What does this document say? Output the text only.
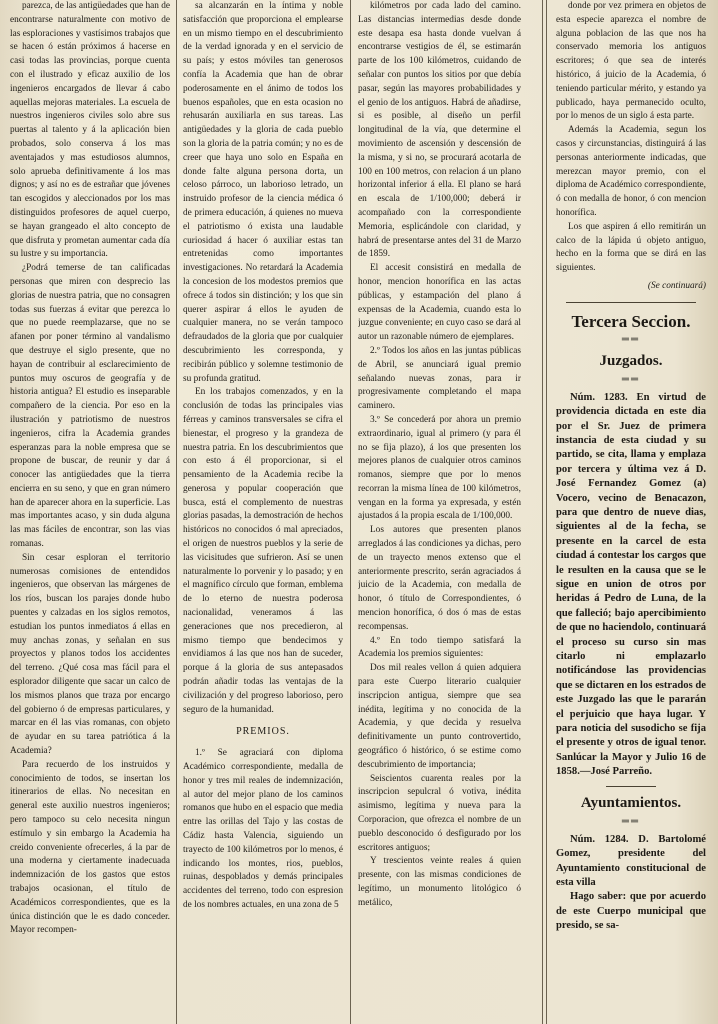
parezca, de las antigüedades que han de encontrarse naturalmente con motivo de las esploraciones y vastísimos trabajos que se hacen ó están próximos á hacerse en casi todas las provincias, porque cuenta con el ilustrado y eficaz auxilio de los ingenieros encargados de llevar á cabo aquellas mejoras materiales. La escuela de nuestros ingenieros civiles solo abre sus puertas al talento y á la aplicación bien probados, solo conserva á los mas aventajados y mas estudiosos alumnos, solo aprueba definitivamente á los mas dignos; y así no es de estrañar que jóvenes tan escogidos y aleccionados por los mas distinguidos profesores de aquel cuerpo, se hayan grangeado el alto concepto de que disfruta y prometan aumentar cada día su lustre y su importancia.

¿Podrá temerse de tan calificadas personas que miren con desprecio las glorias de nuestra patria, que no consagren todas sus fuerzas á evitar que perezca lo que no puede reemplazarse, que no se afanen por poner término al vandalismo que destruye el siglo presente, que no hayan de contribuir al esclarecimiento de puntos muy oscuros de geografía y de historia antigua? El estudio es inseparable compañero de la ciencia. Por eso en la ilustración y patriotismo de nuestros ingenieros, cifra la Academia grandes esperanzas para la noble empresa que se propone de buscar, de reunir y dar á conocer las antigüedades que la tierra encierra en su seno, y que en gran número han de aparecer ahora en la superficie. Las mas importantes acaso, y sin duda alguna las mas fáciles de encontrar, son las vias romanas.

Sin cesar esploran el territorio numerosas comisiones de entendidos ingenieros, que observan las márgenes de los ríos, buscan los parajes donde hubo puentes y calzadas en los siglos remotos, estudian los puntos inmediatos á ellas en muy anchas zonas, y señalan en sus proyectos y planos todos los accidentes del terreno. ¿Qué cosa mas fácil para el esplorador diligente que sacar un calco de los mismos planos que traza por encargo del gobierno ó de empresas particulares, y marcar en él las vias romanas, con objeto de ayudar en su tarea patriótica á la Academia?

Para recuerdo de los instruidos y conocimiento de todos, se insertan los itinerarios de ellas. No necesitan en general este auxilio nuestros ingenieros; pero tampoco su celo necesita ningun estímulo y sin embargo la Academia ha creido conveniente ofrecerles, á la par de una moderna y ciertamente inadecuada indemnización de los gastos que estos trabajos ocasionan, el título de Académicos correspondientes, que es la única distinción que le es dado conceder. Mayor recompen-

sa alcanzarán en la íntima y noble satisfacción que proporciona el emplearse en un mismo tiempo en el descubrimiento de la verdad ignorada y en el servicio de su país; y estos móviles tan generosos confía la Academia que han de obrar poderosamente en el ánimo de todos los buenos españoles, que en esta ocasion no rehusarán auxiliarla en sus tareas. Las antigüedades y la gloria de cada pueblo son la gloria de la patria común; y no es de creer que haya uno solo en España en donde falte alguna persona dorta, un celoso párroco, un laborioso letrado, un instruido profesor de la ciencia médica ó de primera educación, á quienes no mueva el patriotismo ó exista una laudable curiosidad á hacer ó auxiliar estas tan entretenidas como importantes investigaciones. No retardará la Academia la concesion de los modestos premios que ofrece á todos sin distinción; y los que sin querer aspirar á ellos le ayuden de cualquier manera, no se verán tampoco defraudados de la gloria que por cualquier descubrimiento les corresponda, y recibirán público y solemne testimonio de su profunda gratitud.

En los trabajos comenzados, y en la conclusión de todas las principales vias férreas y caminos transversales se cifra el bienestar, el progreso y la grandeza de nuestra patria. En los descubrimientos que con esto á él proporcionar, si el pensamiento de la Academia recibe la generosa y popular cooperación que busca, está el complemento de nuestras glorias pasadas, la demostración de hechos históricos no conocidos ó mal apreciados, el origen de nuestros pueblos y la serie de las vicisitudes que sufrieron. Así se unen naturalmente lo porvenir y lo pasado; y en el magnífico círculo que forman, emblema de lo eterno de nuestra poderosa nacionalidad, veneramos á las generaciones que nos precedieron, al mismo tiempo que bendecimos y envidiamos á las que nos han de suceder, porque á la gloria de sus antepasados podrán añadir todas las ventajas de la civilización y del progreso laborioso, pero seguro de la humanidad.

PREMIOS.

1.º Se agraciará con diploma Académico correspondiente, medalla de honor y tres mil reales de indemnización, al autor del mejor plano de los caminos romanos que hubo en el espacio que media entre las orillas del Tajo y las costas de Cádiz hasta Valencia, siguiendo un trayecto de 100 kilómetros por lo menos, é indicando los montes, rios, pueblos, ruinas, despoblados y demás principales accidentes del terreno, todo con espresion de los nombres actuales, en una zona de 5

kilómetros por cada lado del camino. Las distancias intermedias desde donde este desapa esa hasta donde vuelvan á encontrarse vestigios de él, se estimarán parte de los 100 kilómetros, cuidando de señalar con puntos los sitios por que debía pasar, según las mayores probabilidades y el genio de los antiguos. Habrá de añadirse, si es posible, al diseño un perfil longitudinal de la vía, que determine el movimiento de ascensión y descensión de la misma, y si no, se procurará acotarla de 100 en 100 metros, con relacion á un plano horizontal inferior á ella. El plano se hará en escala de 1/100,000; deberá ir acompañado con la correspondiente Memoria, esplicándole con claridad, y habrá de presentarse antes del 31 de Marzo de 1859.

El accesit consistirá en medalla de honor, mencion honorífica en las actas públicas, y estampación del plano á expensas de la Academia, cuando esta lo juzgue conveniente; en cuyo caso se dará al autor un razonable número de ejemplares.

2.º Todos los años en las juntas públicas de Abril, se anunciará igual premio señalando nuevas zonas, para ir progresivamente completando el mapa caminero.

3.º Se concederá por ahora un premio extraordinario, igual al primero (y para él no se fija plazo), á los que presenten los mejores planos de cualquier otros caminos romanos, siempre que por lo menos recorran la misma línea de 100 kilómetros, vengan en la forma ya expresada, y estén ajustados á la propia escala de 1/100,000.

Los autores que presenten planos arreglados á las condiciones ya dichas, pero de un trayecto menos extenso que el anteriormente prescrito, serán agraciados á juicio de la Academia, con medalla de honor, ó título de Correspondientes, ó mencion honorífica, ó dos ó mas de estas recompensas.

4.º En todo tiempo satisfará la Academia los premios siguientes:

Dos mil reales vellon á quien adquiera para este Cuerpo literario cualquier inscripcion antigua, siempre que sea inédita, legítima y no conocida de la Academia, y que decida y resuelva definitivamente un punto controvertido, geográfico ó histórico, ó se estime como descubrimiento de importancia;

Seiscientos cuarenta reales por la inscripcion sepulcral ó votiva, inédita asimismo, legítima y nueva para la Corporacion, que ofrezca el nombre de un pueblo desconocido ó desfigurado por los escritores antiguos;

Y trescientos veinte reales á quien presente, con las mismas condiciones de legítimo, un monumento litológico ó metálico,

donde por vez primera en objetos de esta especie aparezca el nombre de alguna poblacion de las que nos ha conservado memoria los antiguos escritores; ó que sea de interés histórico, á juicio de la Academia, ó teniendo particular mérito, y estando ya publicado, haya permanecido oculto, por lo menos de un siglo á esta parte.

Además la Academia, segun los casos y circunstancias, distinguirá á las personas anteriormente indicadas, que merezcan mayor premio, con el diploma de Académico correspondiente, ó con medalla de honor, ó con mencion honorífica.

Los que aspiren á ello remitirán un calco de la lápida ú objeto antiguo, hecho en la forma que se dirá en las siguientes.

(Se continuará)
Tercera Seccion.
══
Juzgados.
══

Núm. 1283. En virtud de providencia dictada en este dia por el Sr. Juez de primera instancia de esta ciudad y su partido, se cita, llama y emplaza por tercera y última vez á D. José Fernandez Gomez (a) Vocero, vecino de Benacazon, para que dentro de nueve dias, siguientes al de la fecha, se presente en la carcel de esta ciudad á contestar los cargos que le resulten en la causa que se le sigue en union de otros por heridas á Pedro de Luna, de la que falleció; bajo apercibimiento de que no haciendolo, continuará el proceso su curso sin mas citarlo ni emplazarlo notificándose las providencias que se dictaren en los estrados de este Juzgado las que le pararán el perjuicio que haya lugar. Y para noticia del susodicho se fija el presente y otros de igual tenor. Sanlúcar la Mayor y Julio 16 de 1858.—José Parreño.

Ayuntamientos.
══

Núm. 1284. D. Bartolomé Gomez, presidente del Ayuntamiento constitucional de esta villa

Hago saber: que por acuerdo de este Cuerpo municipal que presido, se sa-
